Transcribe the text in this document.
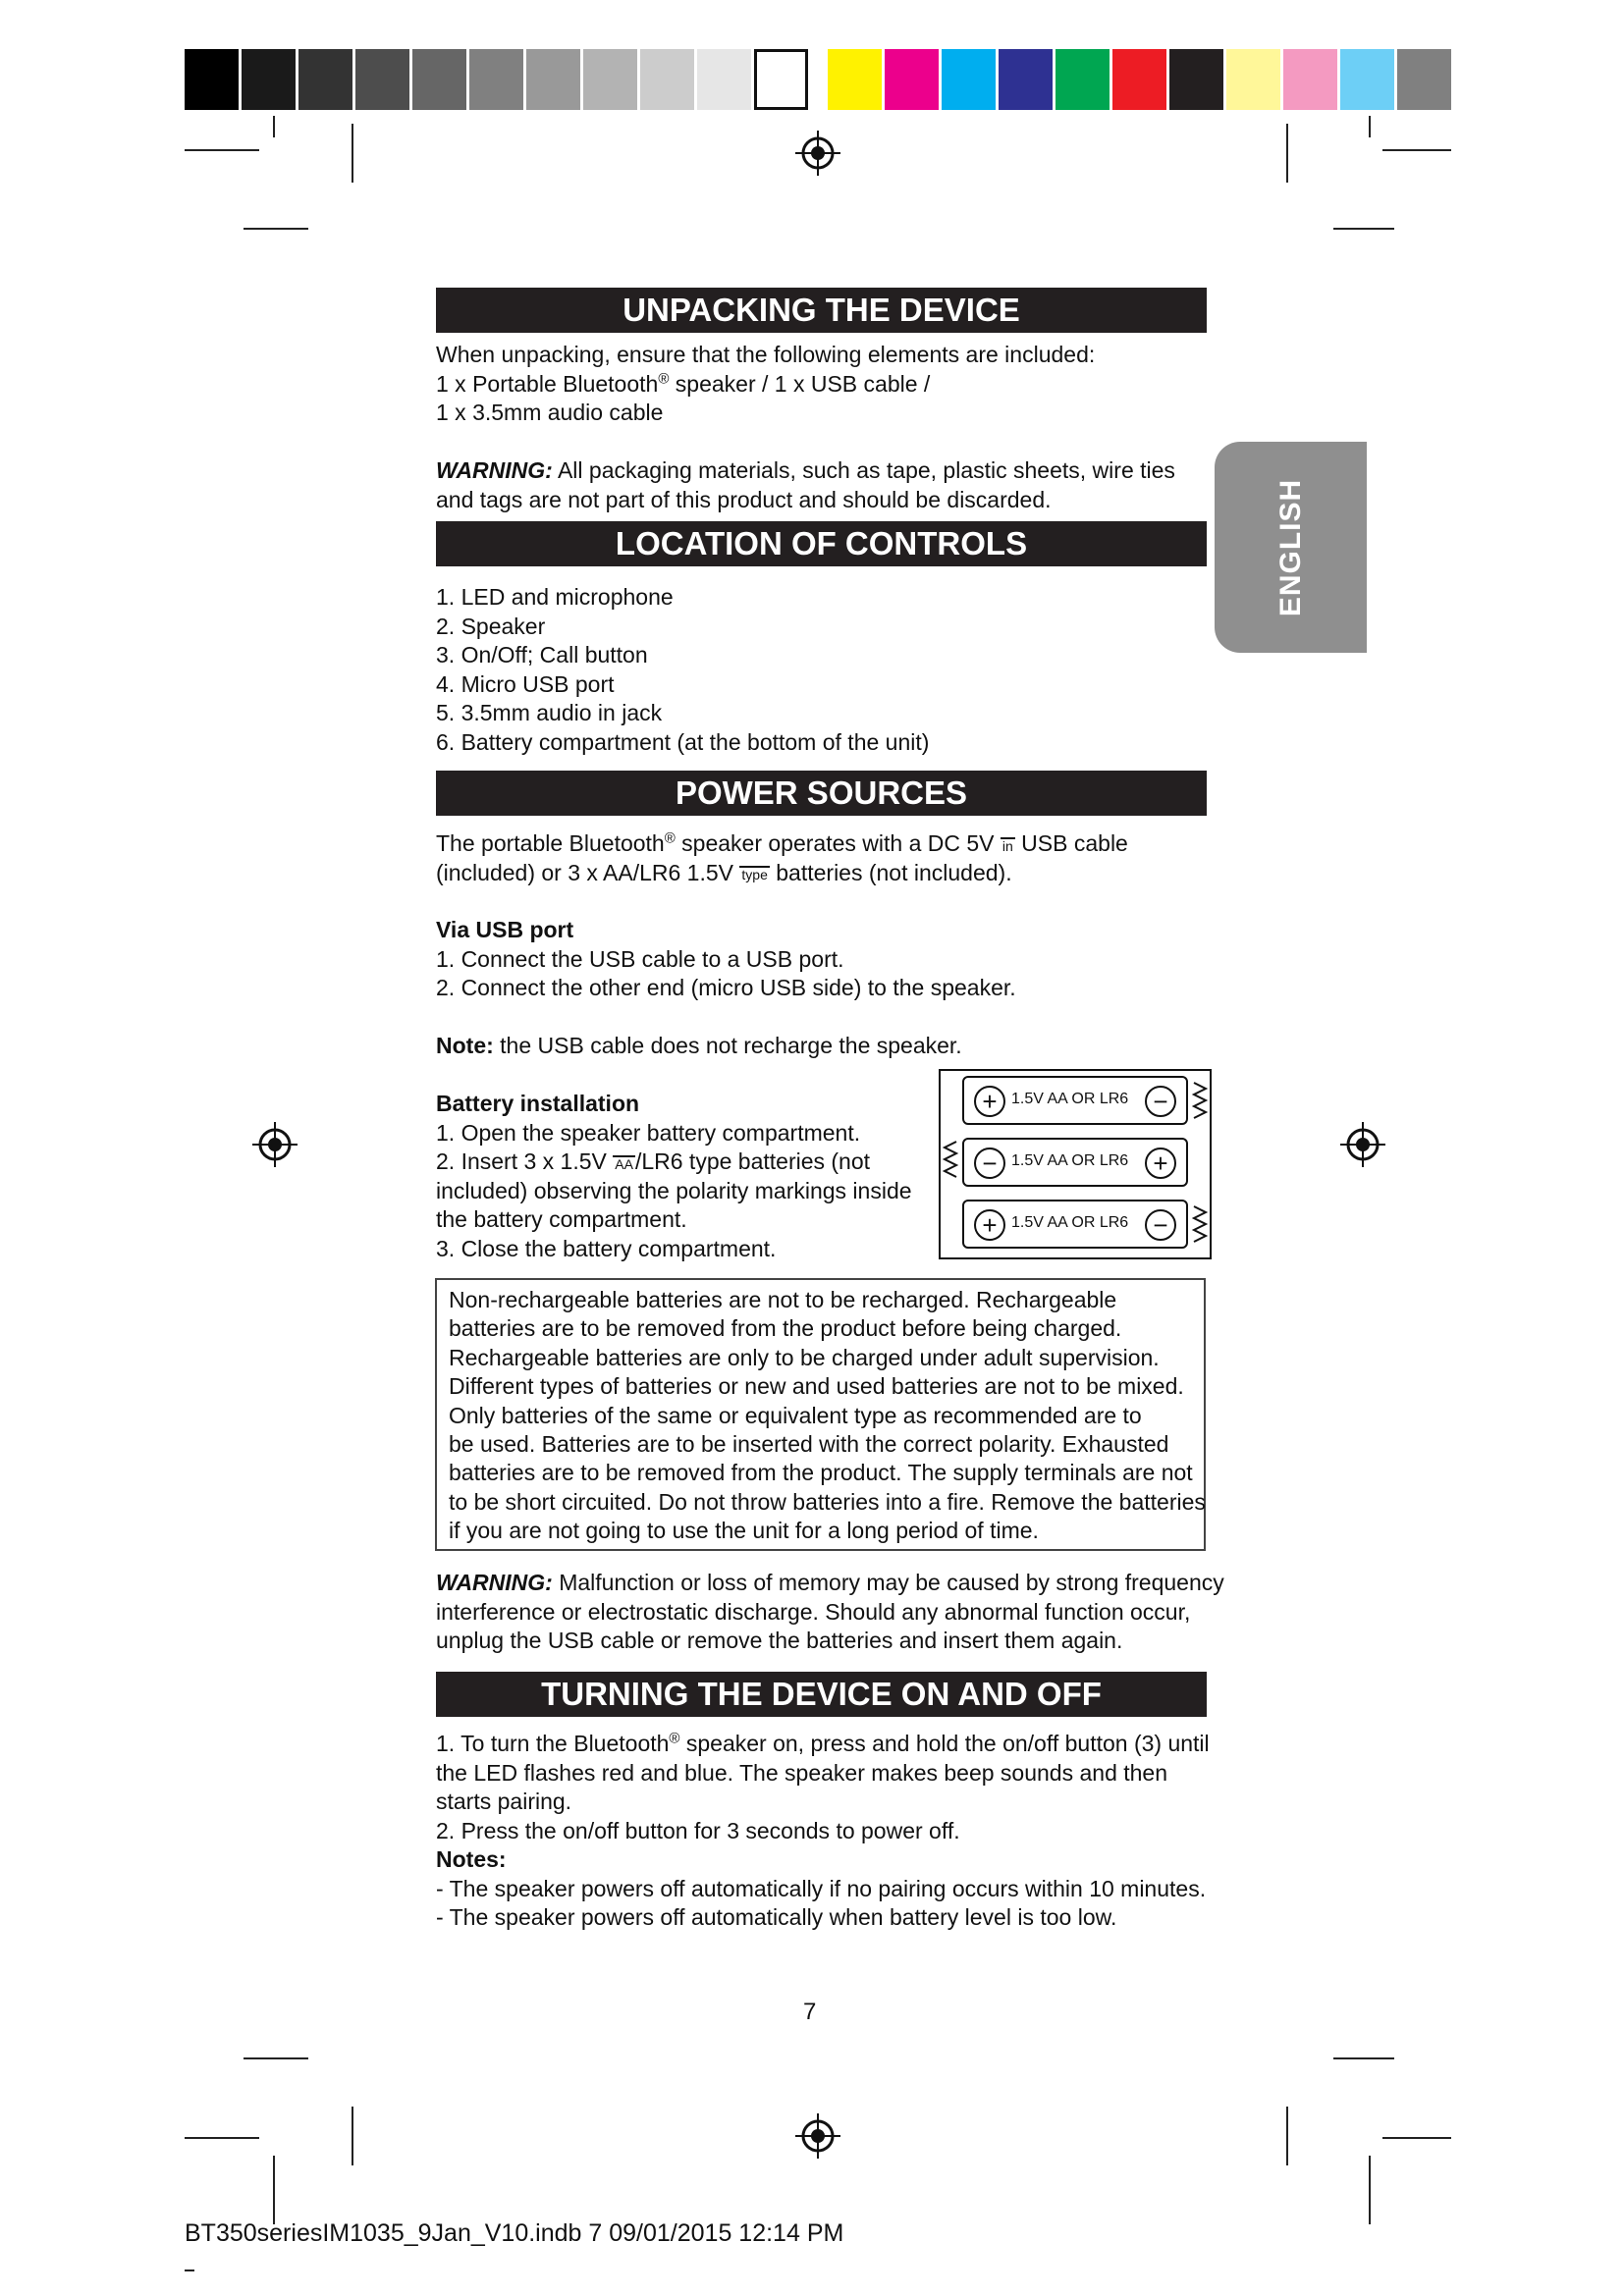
ENGLISH
UNPACKING THE DEVICE

When unpacking, ensure that the following elements are included:

1 x Portable Bluetooth® speaker / 1 x USB cable /

1 x 3.5mm audio cable

WARNING: All packaging materials, such as tape, plastic sheets, wire ties

and tags are not part of this product and should be discarded.

LOCATION OF CONTROLS

1. LED and microphone

2. Speaker

3. On/Off; Call button

4. Micro USB port

5. 3.5mm audio in jack

6. Battery compartment (at the bottom of the unit)

POWER SOURCES

The portable Bluetooth® speaker operates with a DC 5V in USB cable

(included) or 3 x AA/LR6 1.5V type batteries (not included).

Via USB port

1. Connect the USB cable to a USB port.

2. Connect the other end (micro USB side) to the speaker.

Note: the USB cable does not recharge the speaker.

Battery installation

1. Open the speaker battery compartment.

2. Insert 3 x 1.5V AA/LR6 type batteries (not

included) observing the polarity markings inside

the battery compartment.

3. Close the battery compartment.

+ 1.5V AA OR LR6 −
− 1.5V AA OR LR6 +
+ 1.5V AA OR LR6 −

Non-rechargeable batteries are not to be recharged. Rechargeable

batteries are to be removed from the product before being charged.

Rechargeable batteries are only to be charged under adult supervision.

Different types of batteries or new and used batteries are not to be mixed.

Only batteries of the same or equivalent type as recommended are to

be used. Batteries are to be inserted with the correct polarity. Exhausted

batteries are to be removed from the product. The supply terminals are not

to be short circuited. Do not throw batteries into a fire. Remove the batteries

if you are not going to use the unit for a long period of time.

WARNING: Malfunction or loss of memory may be caused by strong frequency

interference or electrostatic discharge. Should any abnormal function occur,

unplug the USB cable or remove the batteries and insert them again.

TURNING THE DEVICE ON AND OFF

1. To turn the Bluetooth® speaker on, press and hold the on/off button (3) until

the LED flashes red and blue. The speaker makes beep sounds and then

starts pairing.

2. Press the on/off button for 3 seconds to power off.

Notes:

- The speaker powers off automatically if no pairing occurs within 10 minutes.

- The speaker powers off automatically when battery level is too low.

7
BT350seriesIM1035_9Jan_V10.indb 7 09/01/2015 12:14 PM
